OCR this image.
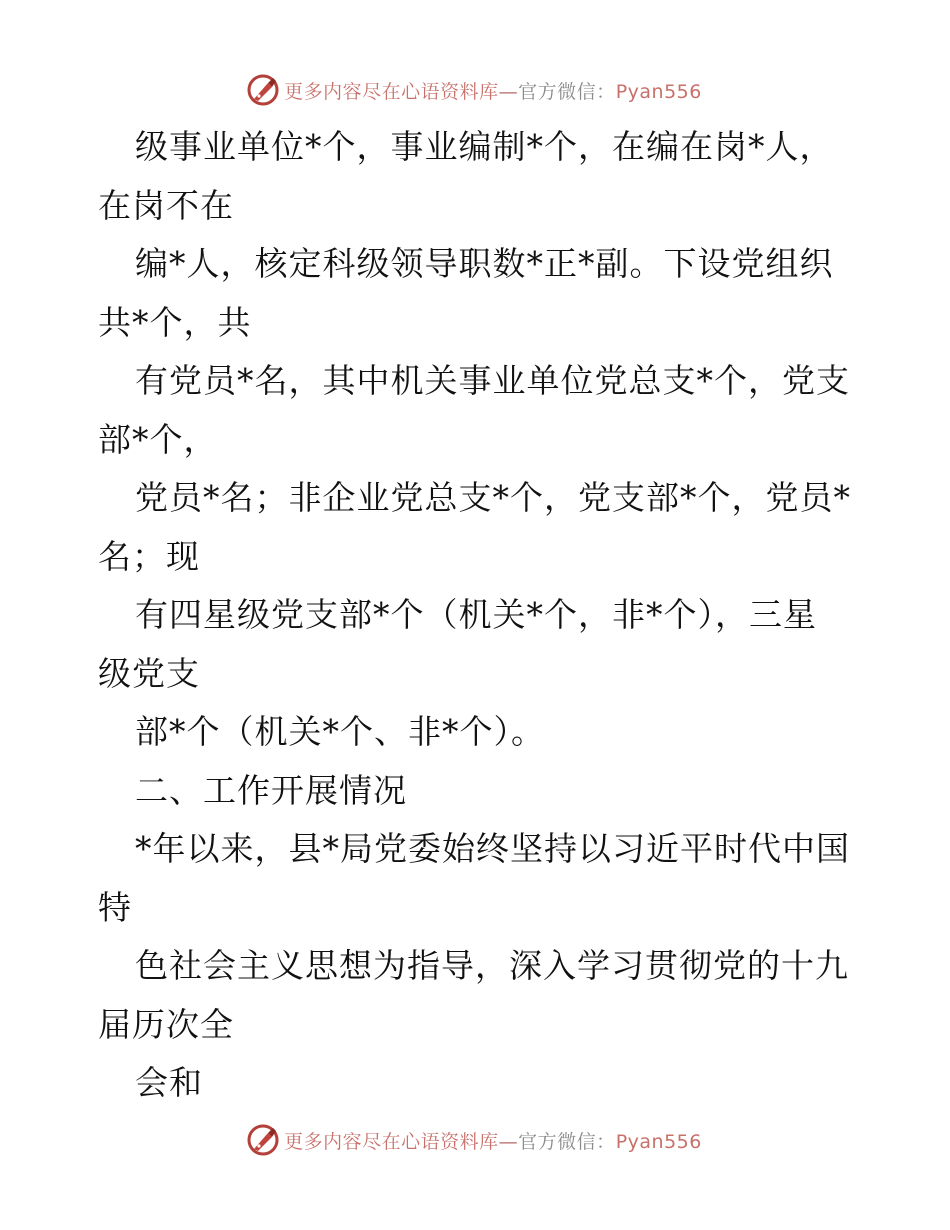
更多内容尽在心语资料库—官方微信：Pyan556
级事业单位*个，事业编制*个，在编在岗*人，
在岗不在
编*人，核定科级领导职数*正*副。下设党组织
共*个，共
有党员*名，其中机关事业单位党总支*个，党支
部*个，
党员*名；非企业党总支*个，党支部*个，党员*
名；现
有四星级党支部*个（机关*个，非*个），三星
级党支
部*个（机关*个、非*个）。
二、工作开展情况
*年以来，县*局党委始终坚持以习近平时代中国
特
色社会主义思想为指导，深入学习贯彻党的十九
届历次全
会和
更多内容尽在心语资料库—官方微信：Pyan556
